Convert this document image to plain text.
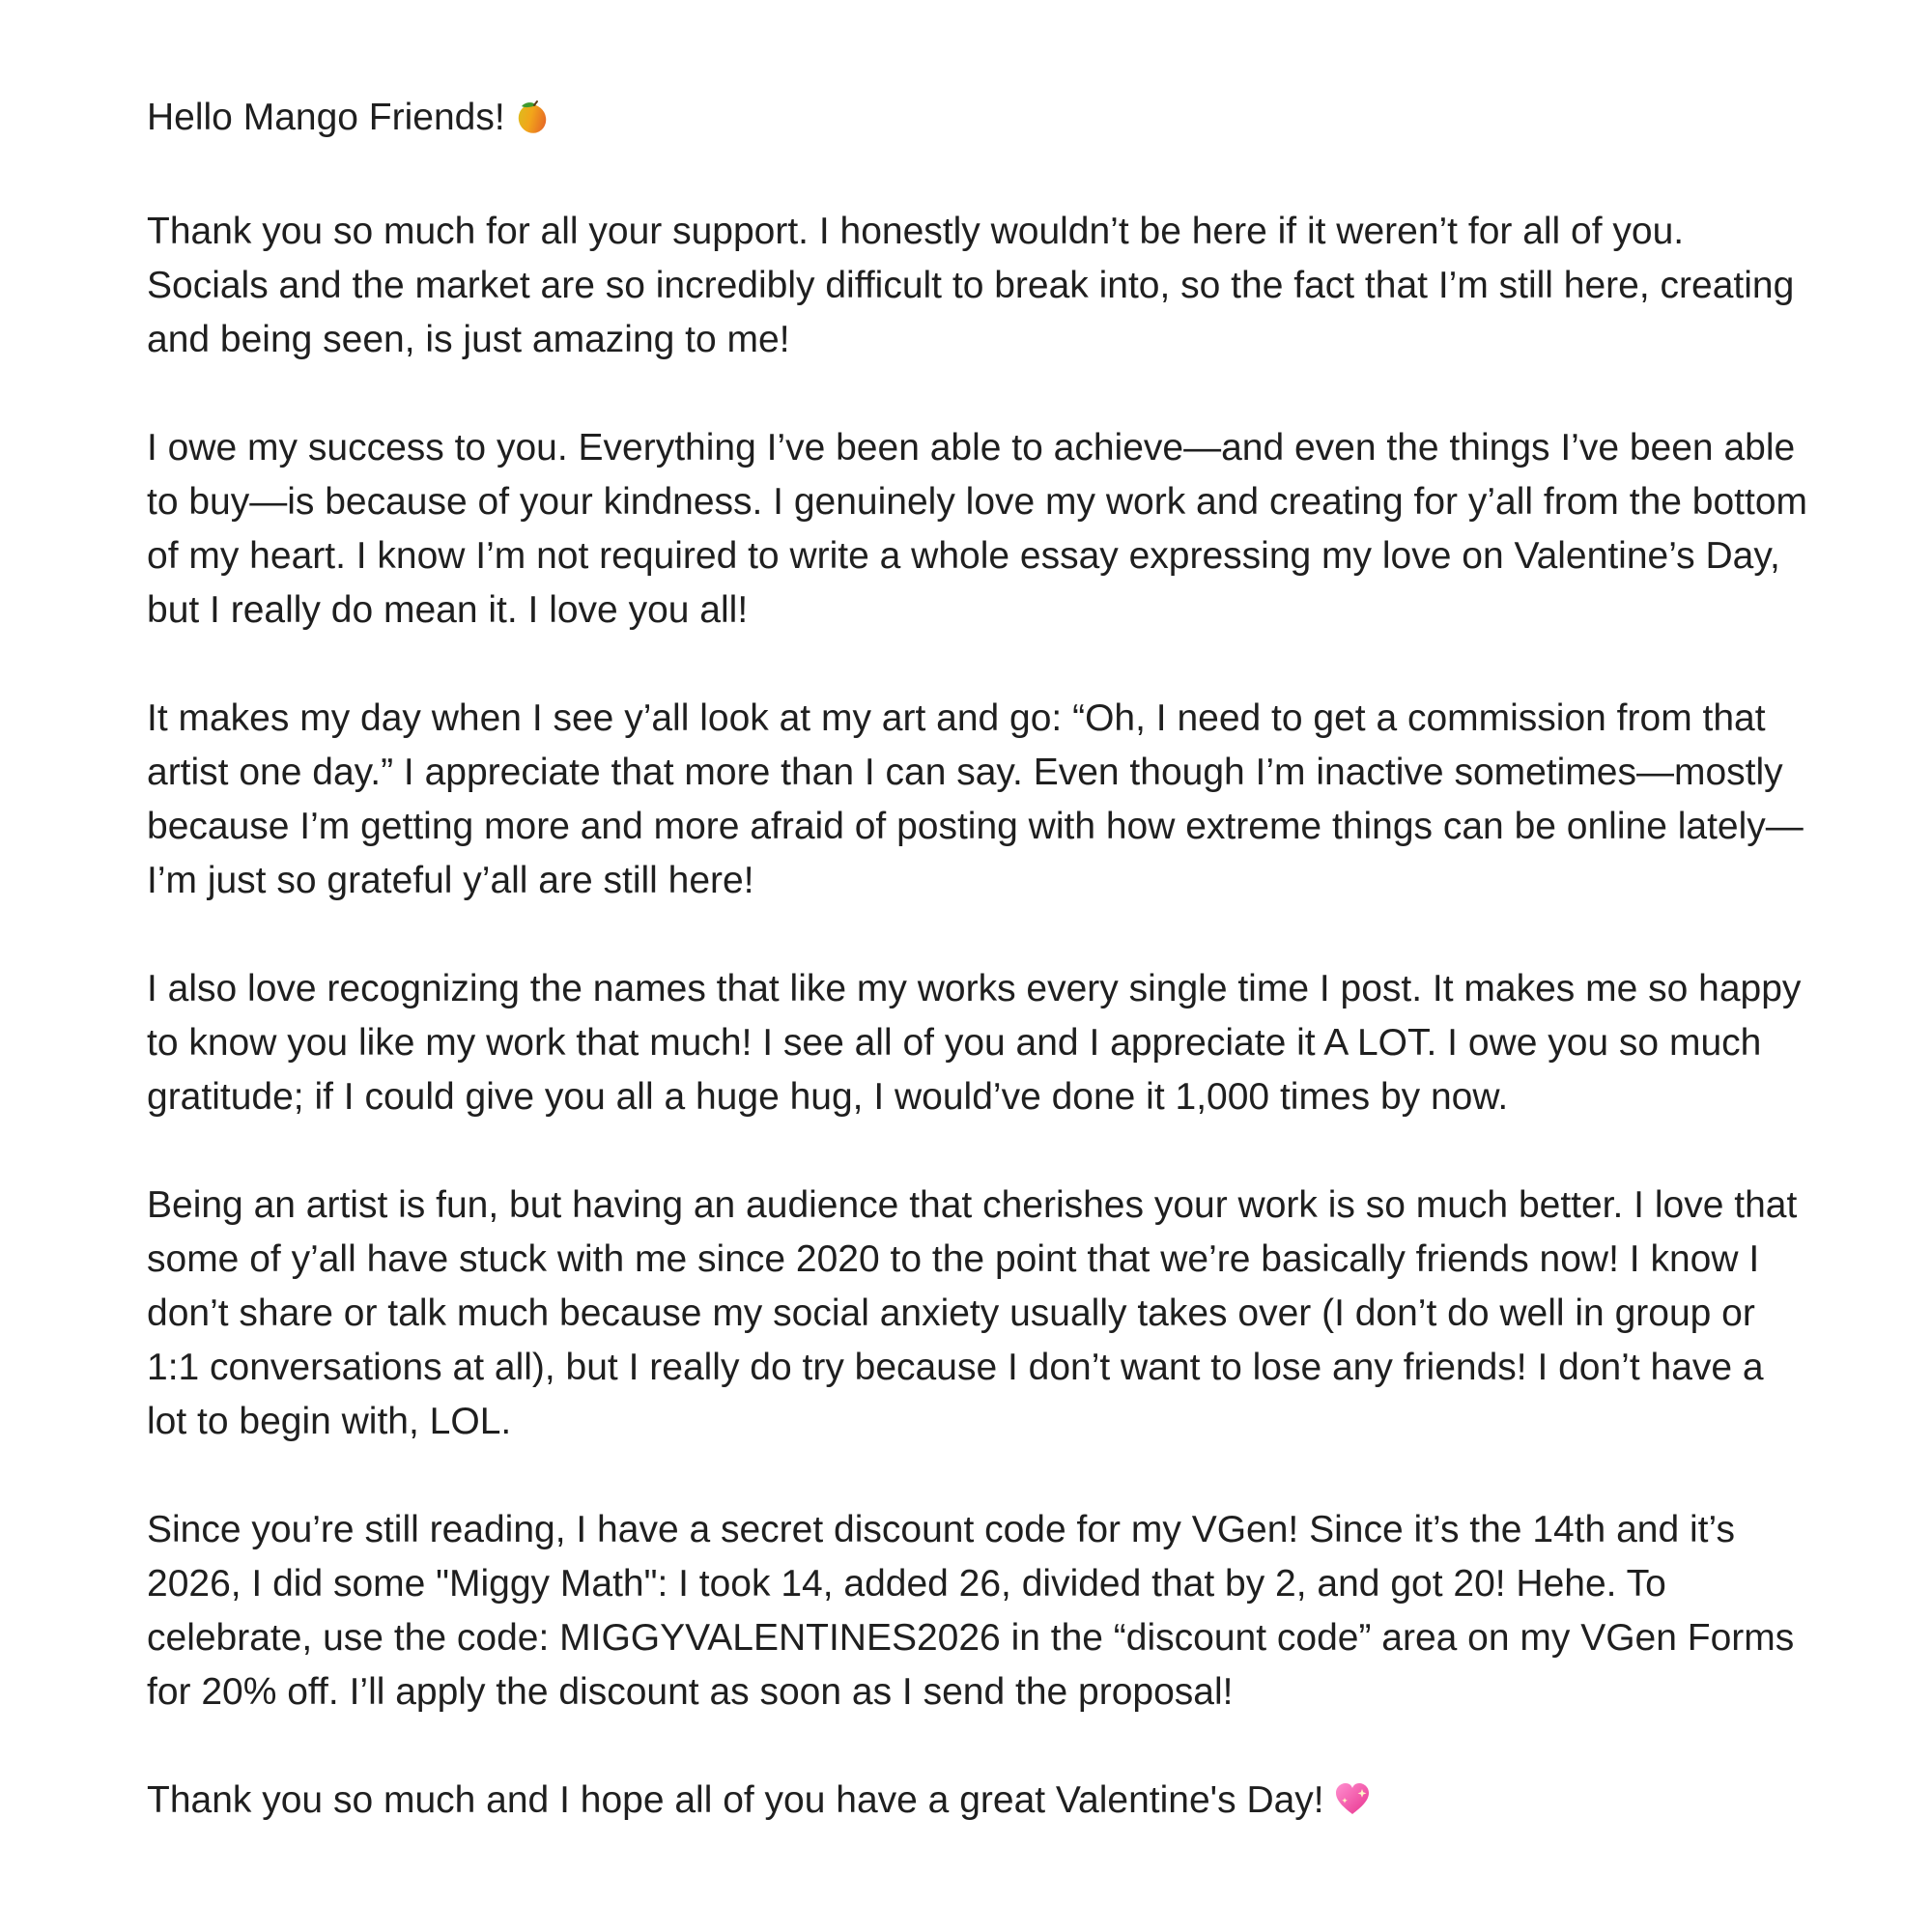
Hello Mango Friends!

Thank you so much for all your support. I honestly wouldn’t be here if it weren’t for all of you. Socials and the market are so incredibly difficult to break into, so the fact that I’m still here, creating and being seen, is just amazing to me!

I owe my success to you. Everything I’ve been able to achieve—and even the things I’ve been able to buy—is because of your kindness. I genuinely love my work and creating for y’all from the bottom of my heart. I know I’m not required to write a whole essay expressing my love on Valentine’s Day, but I really do mean it. I love you all!

It makes my day when I see y’all look at my art and go: “Oh, I need to get a commission from that artist one day.” I appreciate that more than I can say. Even though I’m inactive sometimes—mostly because I’m getting more and more afraid of posting with how extreme things can be online lately—I’m just so grateful y’all are still here!

I also love recognizing the names that like my works every single time I post. It makes me so happy to know you like my work that much! I see all of you and I appreciate it A LOT. I owe you so much gratitude; if I could give you all a huge hug, I would’ve done it 1,000 times by now.

Being an artist is fun, but having an audience that cherishes your work is so much better. I love that some of y’all have stuck with me since 2020 to the point that we’re basically friends now! I know I don’t share or talk much because my social anxiety usually takes over (I don’t do well in group or 1:1 conversations at all), but I really do try because I don’t want to lose any friends! I don’t have a lot to begin with, LOL.

Since you’re still reading, I have a secret discount code for my VGen! Since it’s the 14th and it’s 2026, I did some "Miggy Math": I took 14, added 26, divided that by 2, and got 20! Hehe. To celebrate, use the code: MIGGYVALENTINES2026 in the “discount code” area on my VGen Forms for 20% off. I’ll apply the discount as soon as I send the proposal!

Thank you so much and I hope all of you have a great Valentine's Day!
